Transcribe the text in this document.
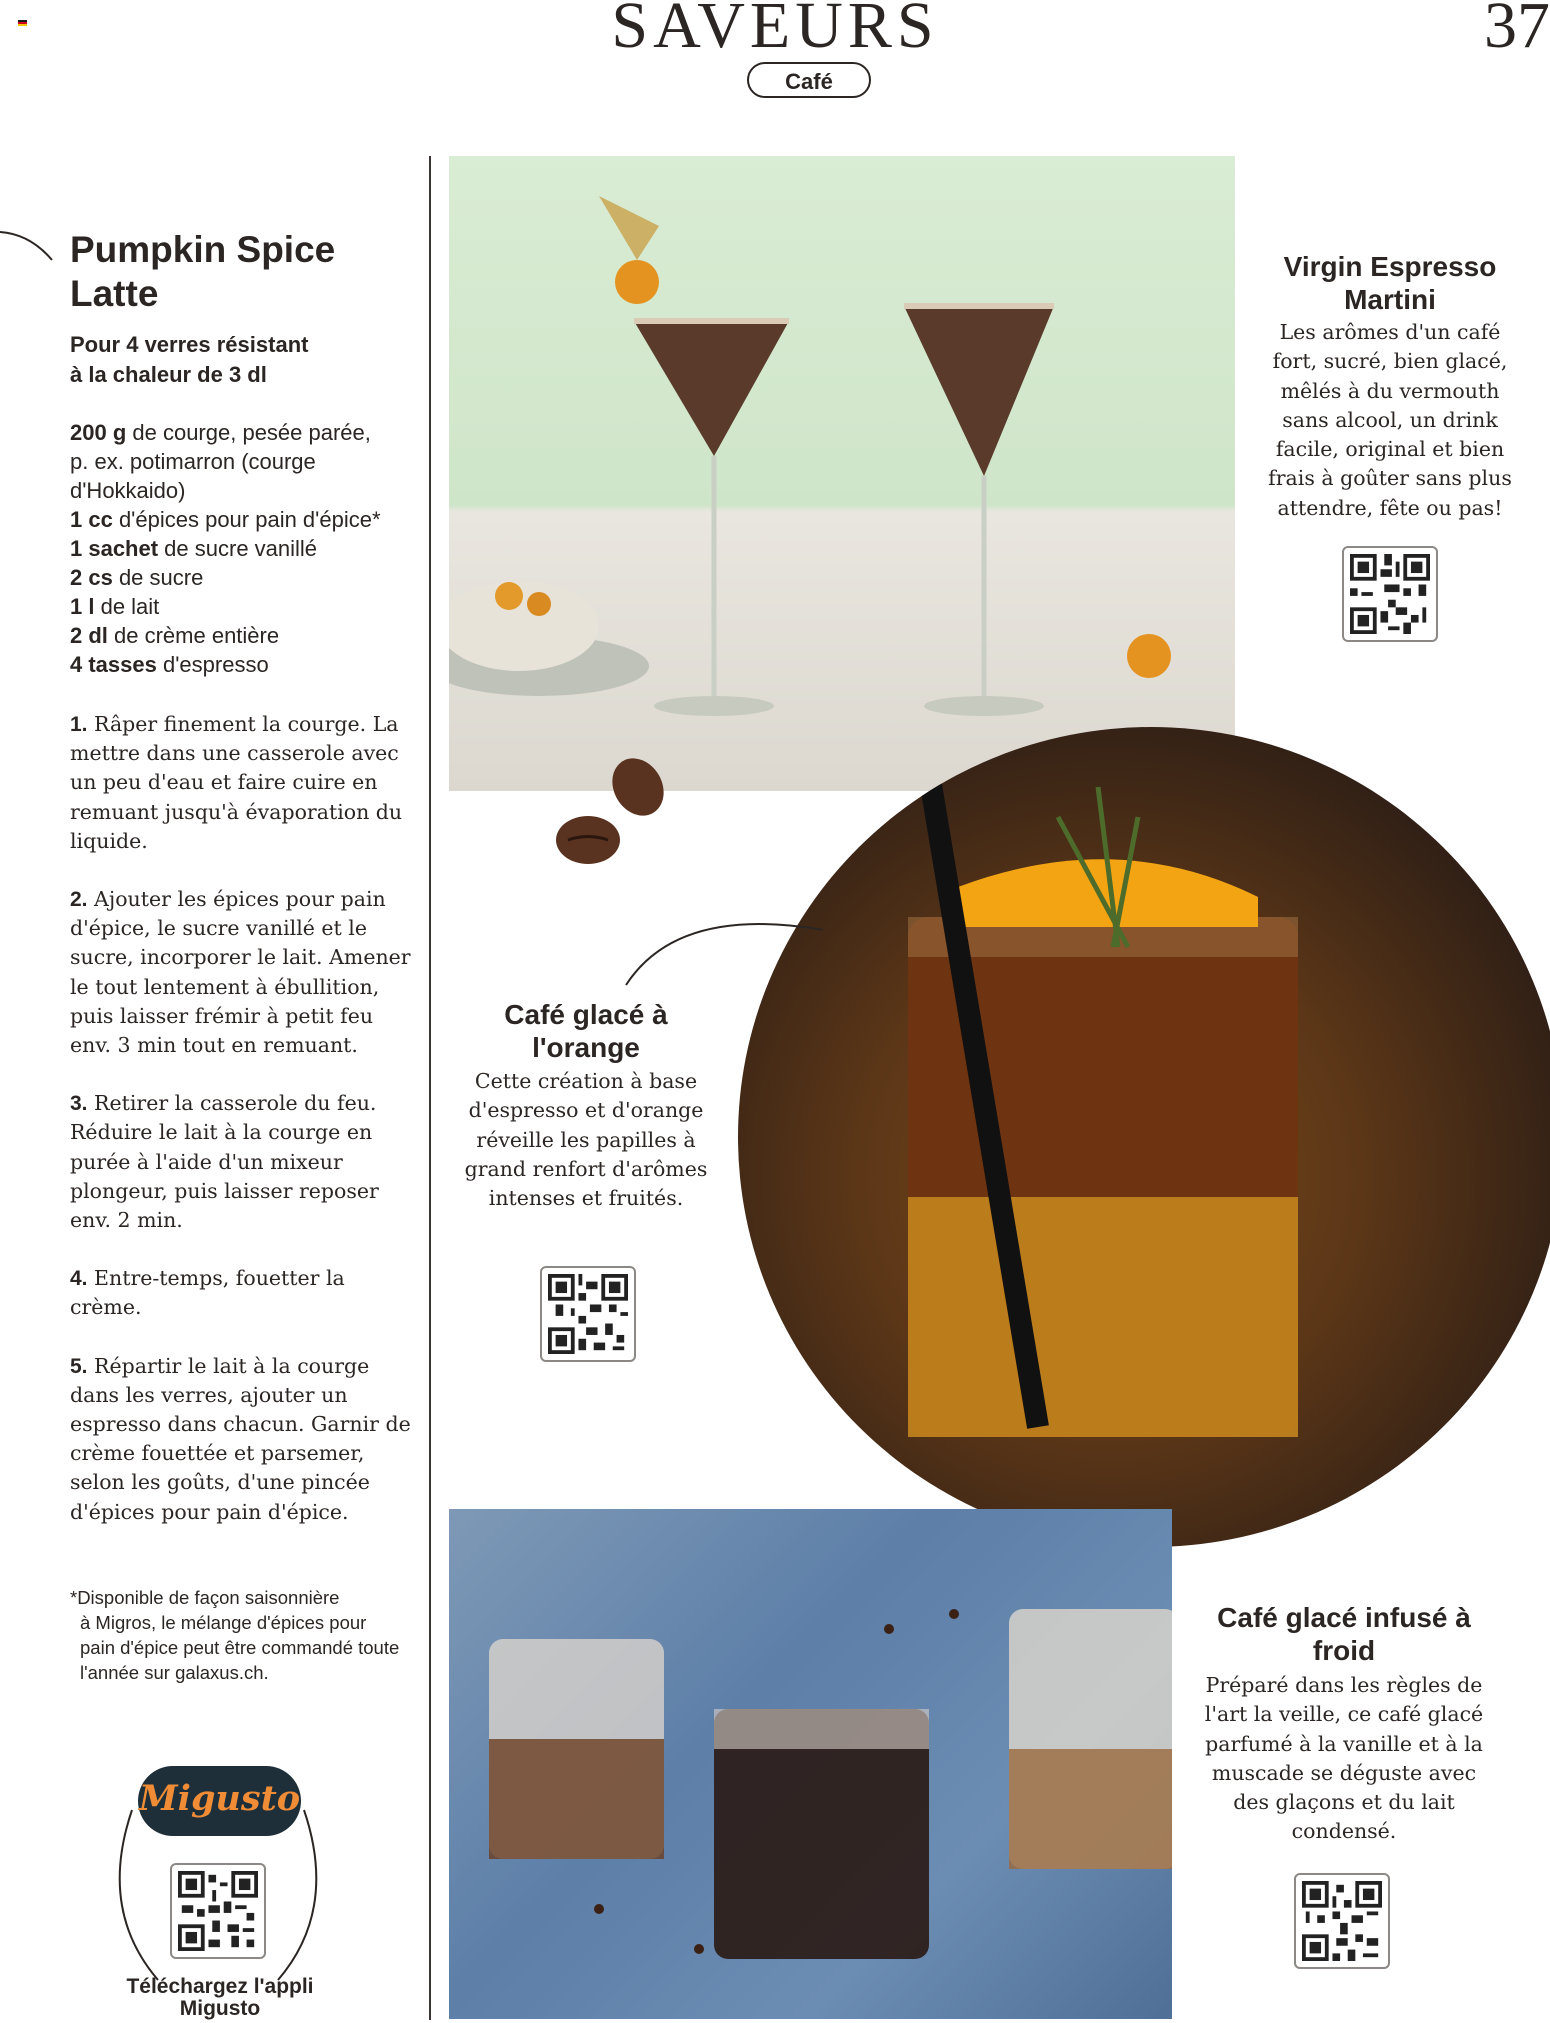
SAVEURS	37
Café
Pumpkin Spice Latte
Pour 4 verres résistant
à la chaleur de 3 dl
200 g de courge, pesée parée,
p. ex. potimarron (courge
d'Hokkaido)
1 cc d'épices pour pain d'épice*
1 sachet de sucre vanillé
2 cs de sucre
1 l de lait
2 dl de crème entière
4 tasses d'espresso
1. Râper finement la courge. La mettre dans une casserole avec un peu d'eau et faire cuire en remuant jusqu'à évaporation du liquide.
2. Ajouter les épices pour pain d'épice, le sucre vanillé et le sucre, incorporer le lait. Amener le tout lentement à ébullition, puis laisser frémir à petit feu env. 3 min tout en remuant.
3. Retirer la casserole du feu. Réduire le lait à la courge en purée à l'aide d'un mixeur plongeur, puis laisser reposer env. 2 min.
4. Entre-temps, fouetter la crème.
5. Répartir le lait à la courge dans les verres, ajouter un espresso dans chacun. Garnir de crème fouettée et parsemer, selon les goûts, d'une pincée d'épices pour pain d'épice.
*Disponible de façon saisonnière
à Migros, le mélange d'épices pour pain d'épice peut être commandé toute l'année sur galaxus.ch.
Migusto
Téléchargez l'appli Migusto
Virgin Espresso Martini
Les arômes d'un café fort, sucré, bien glacé, mêlés à du vermouth sans alcool, un drink facile, original et bien frais à goûter sans plus attendre, fête ou pas!
Café glacé à l'orange
Cette création à base d'espresso et d'orange réveille les papilles à grand renfort d'arômes intenses et fruités.
Café glacé infusé à froid
Préparé dans les règles de l'art la veille, ce café glacé parfumé à la vanille et à la muscade se déguste avec des glaçons et du lait condensé.
